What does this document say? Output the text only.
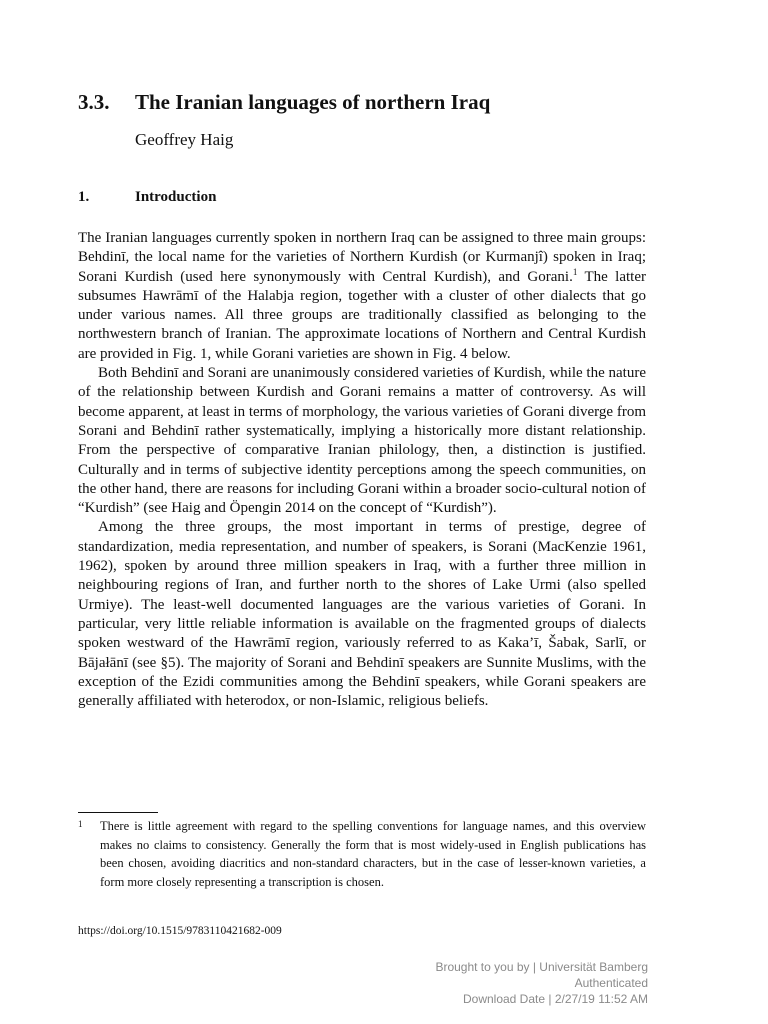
3.3. The Iranian languages of northern Iraq
Geoffrey Haig
1.	Introduction

The Iranian languages currently spoken in northern Iraq can be assigned to three main groups: Behdinī, the local name for the varieties of Northern Kurdish (or Kurmanjî) spoken in Iraq; Sorani Kurdish (used here synonymously with Central Kurdish), and Gorani.$^1$ The latter subsumes Hawrāmī of the Halabja region, together with a cluster of other dialects that go under various names. All three groups are traditionally classified as belonging to the northwestern branch of Iranian. The approximate locations of Northern and Central Kurdish are provided in Fig. 1, while Gorani varieties are shown in Fig. 4 below.

Both Behdinī and Sorani are unanimously considered varieties of Kurdish, while the nature of the relationship between Kurdish and Gorani remains a matter of controversy. As will become apparent, at least in terms of morphology, the various varieties of Gorani diverge from Sorani and Behdinī rather systematically, implying a historically more distant relationship. From the perspective of comparative Iranian philology, then, a distinction is justified. Culturally and in terms of subjective identity perceptions among the speech communities, on the other hand, there are reasons for including Gorani within a broader socio-cultural notion of “Kurdish” (see Haig and Öpengin 2014 on the concept of “Kurdish”).

Among the three groups, the most important in terms of prestige, degree of standardization, media representation, and number of speakers, is Sorani (MacKenzie 1961, 1962), spoken by around three million speakers in Iraq, with a further three million in neighbouring regions of Iran, and further north to the shores of Lake Urmi (also spelled Urmiye). The least-well documented languages are the various varieties of Gorani. In particular, very little reliable information is available on the fragmented groups of dialects spoken westward of the Hawrāmī region, variously referred to as Kaka’ī, Šabak, Sarlī, or Bājałānī (see §5). The majority of Sorani and Behdinī speakers are Sunnite Muslims, with the exception of the Ezidi communities among the Behdinī speakers, while Gorani speakers are generally affiliated with heterodox, or non-Islamic, religious beliefs.

1 There is little agreement with regard to the spelling conventions for language names, and this overview makes no claims to consistency. Generally the form that is most widely-used in English publications has been chosen, avoiding diacritics and non-standard characters, but in the case of lesser-known varieties, a form more closely representing a transcription is chosen.
https://doi.org/10.1515/9783110421682-009
Brought to you by | Universität Bamberg
Authenticated
Download Date | 2/27/19 11:52 AM
